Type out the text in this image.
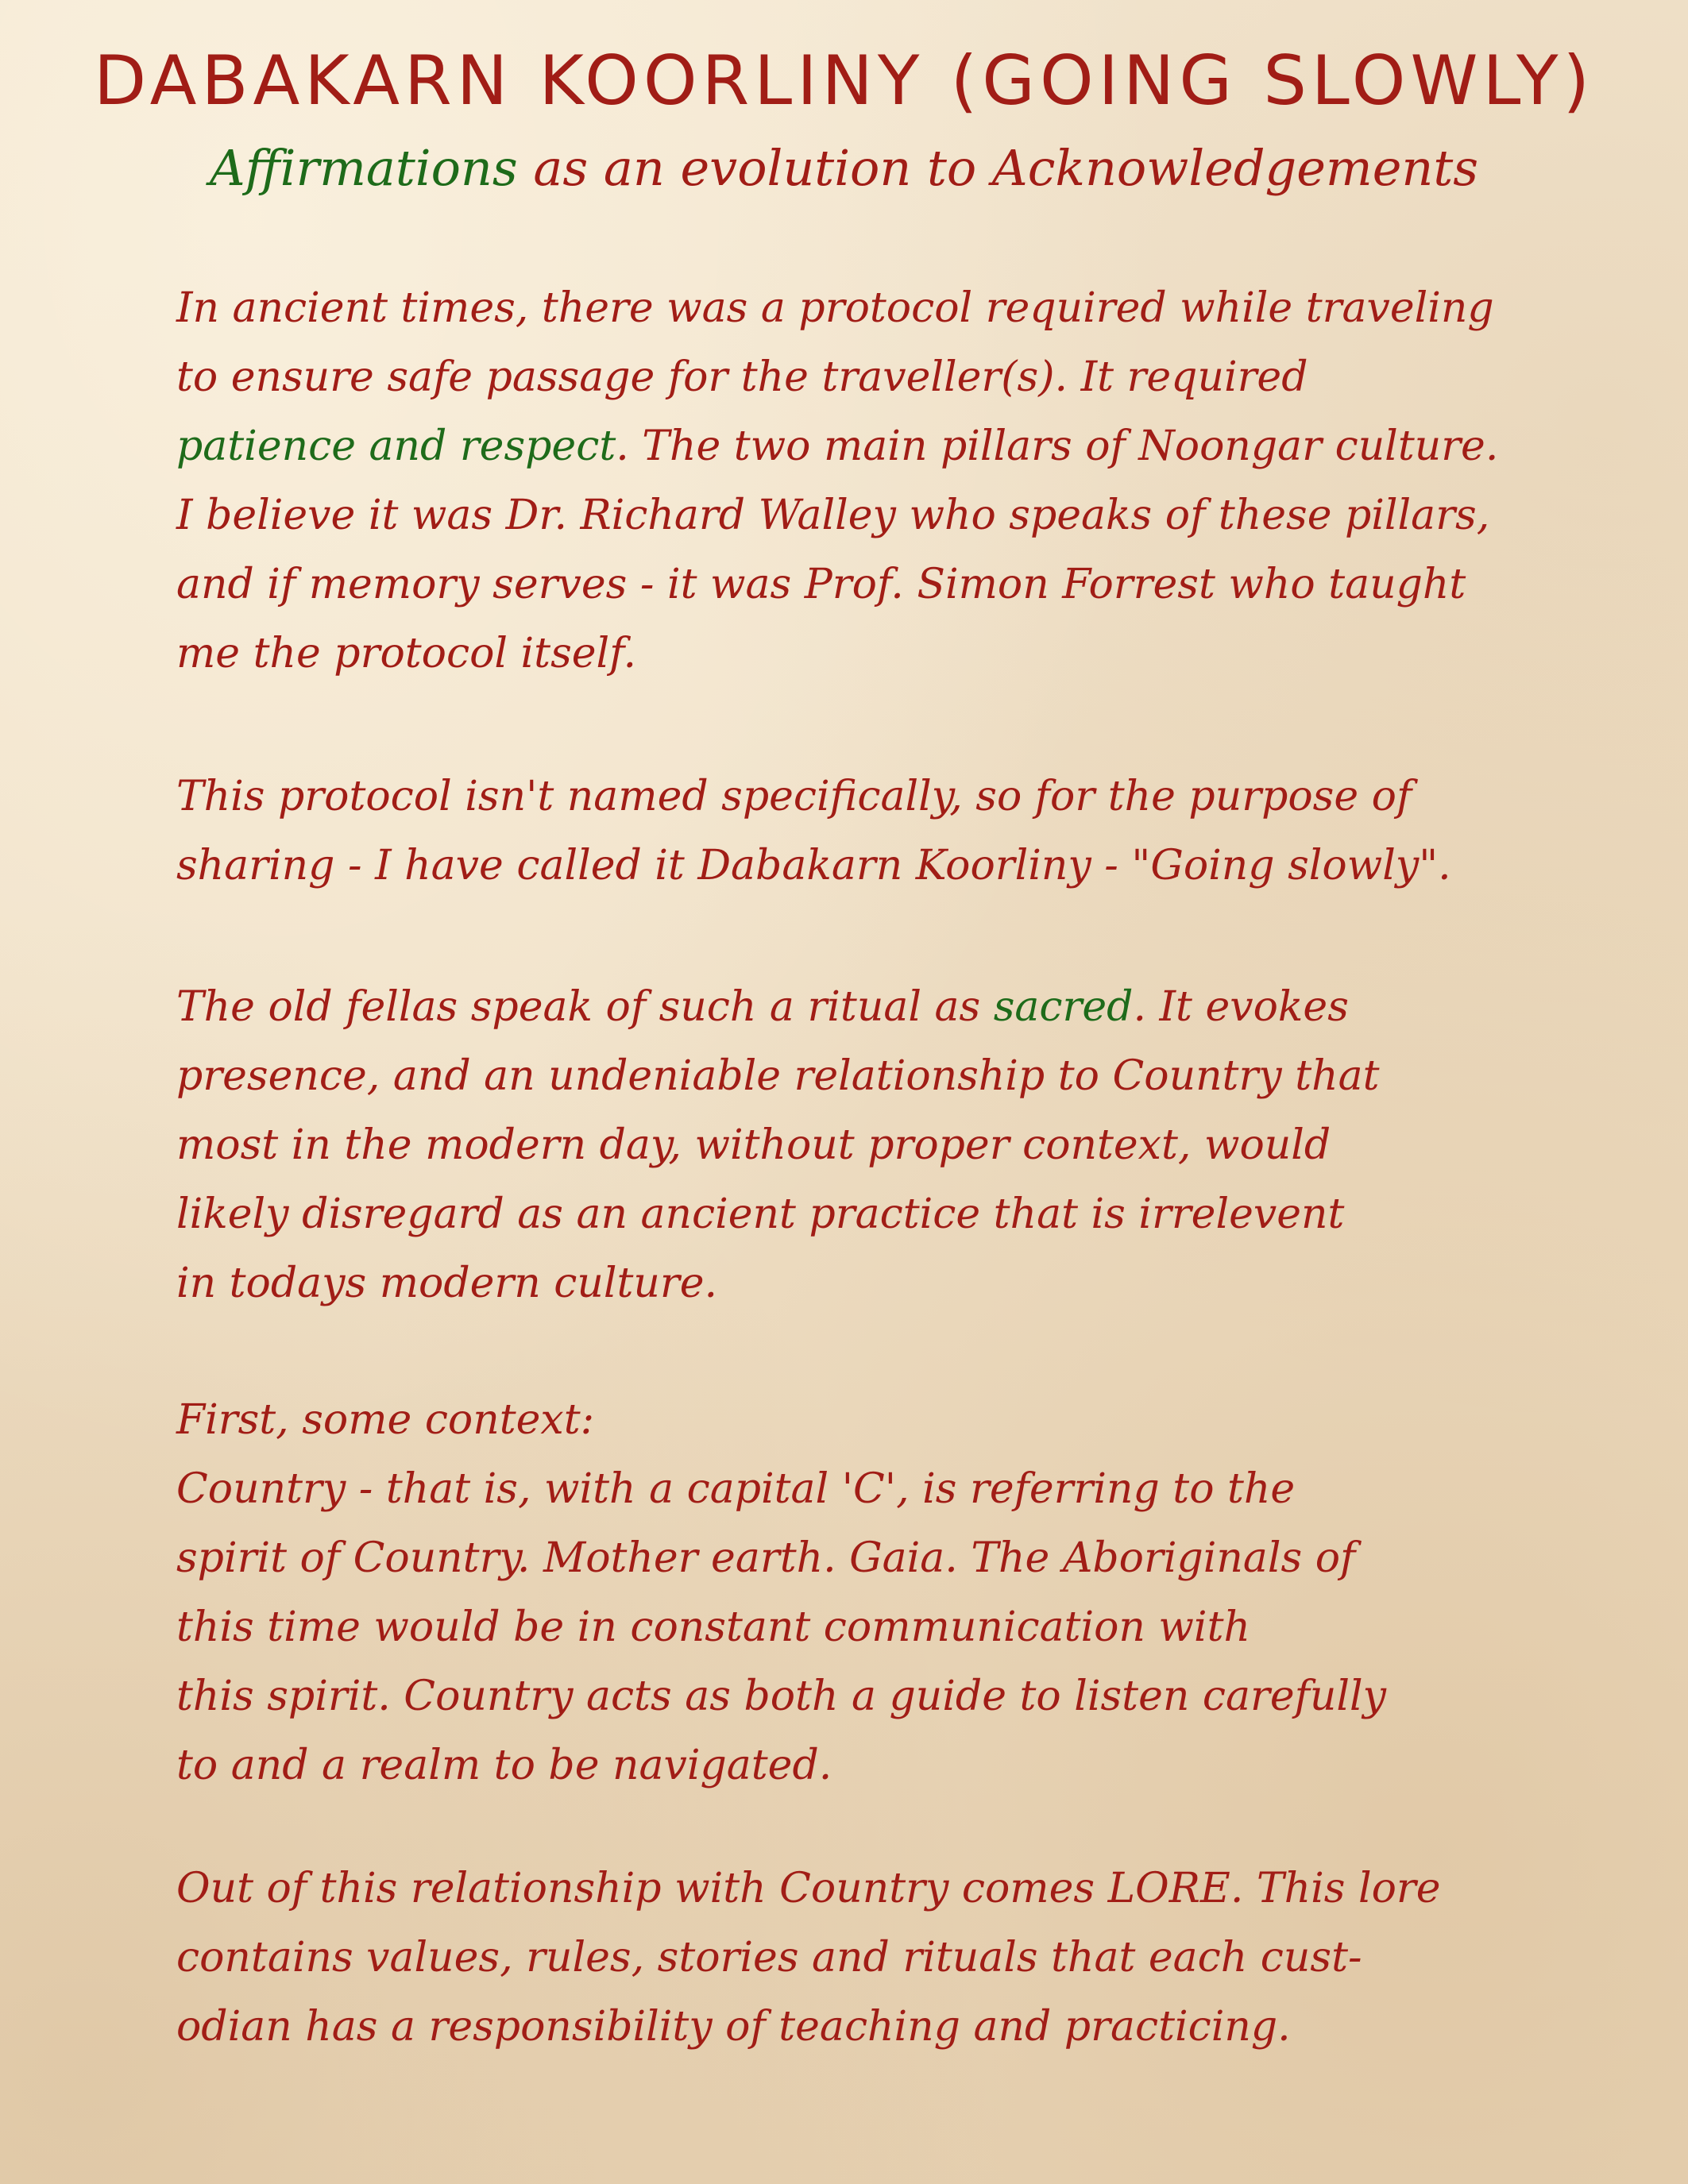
DABAKARN KOORLINY (GOING SLOWLY)

Affirmations as an evolution to Acknowledgements

In ancient times, there was a protocol required while traveling
to ensure safe passage for the traveller(s). It required
patience and respect. The two main pillars of Noongar culture.
I believe it was Dr. Richard Walley who speaks of these pillars,
and if memory serves - it was Prof. Simon Forrest who taught
me the protocol itself.
This protocol isn't named specifically, so for the purpose of
sharing - I have called it Dabakarn Koorliny - "Going slowly".
The old fellas speak of such a ritual as sacred. It evokes
presence, and an undeniable relationship to Country that
most in the modern day, without proper context, would
likely disregard as an ancient practice that is irrelevent
in todays modern culture.
First, some context:
Country - that is, with a capital 'C', is referring to the
spirit of Country. Mother earth. Gaia. The Aboriginals of
this time would be in constant communication with
this spirit. Country acts as both a guide to listen carefully
to and a realm to be navigated.
Out of this relationship with Country comes LORE. This lore
contains values, rules, stories and rituals that each cust-
odian has a responsibility of teaching and practicing.
